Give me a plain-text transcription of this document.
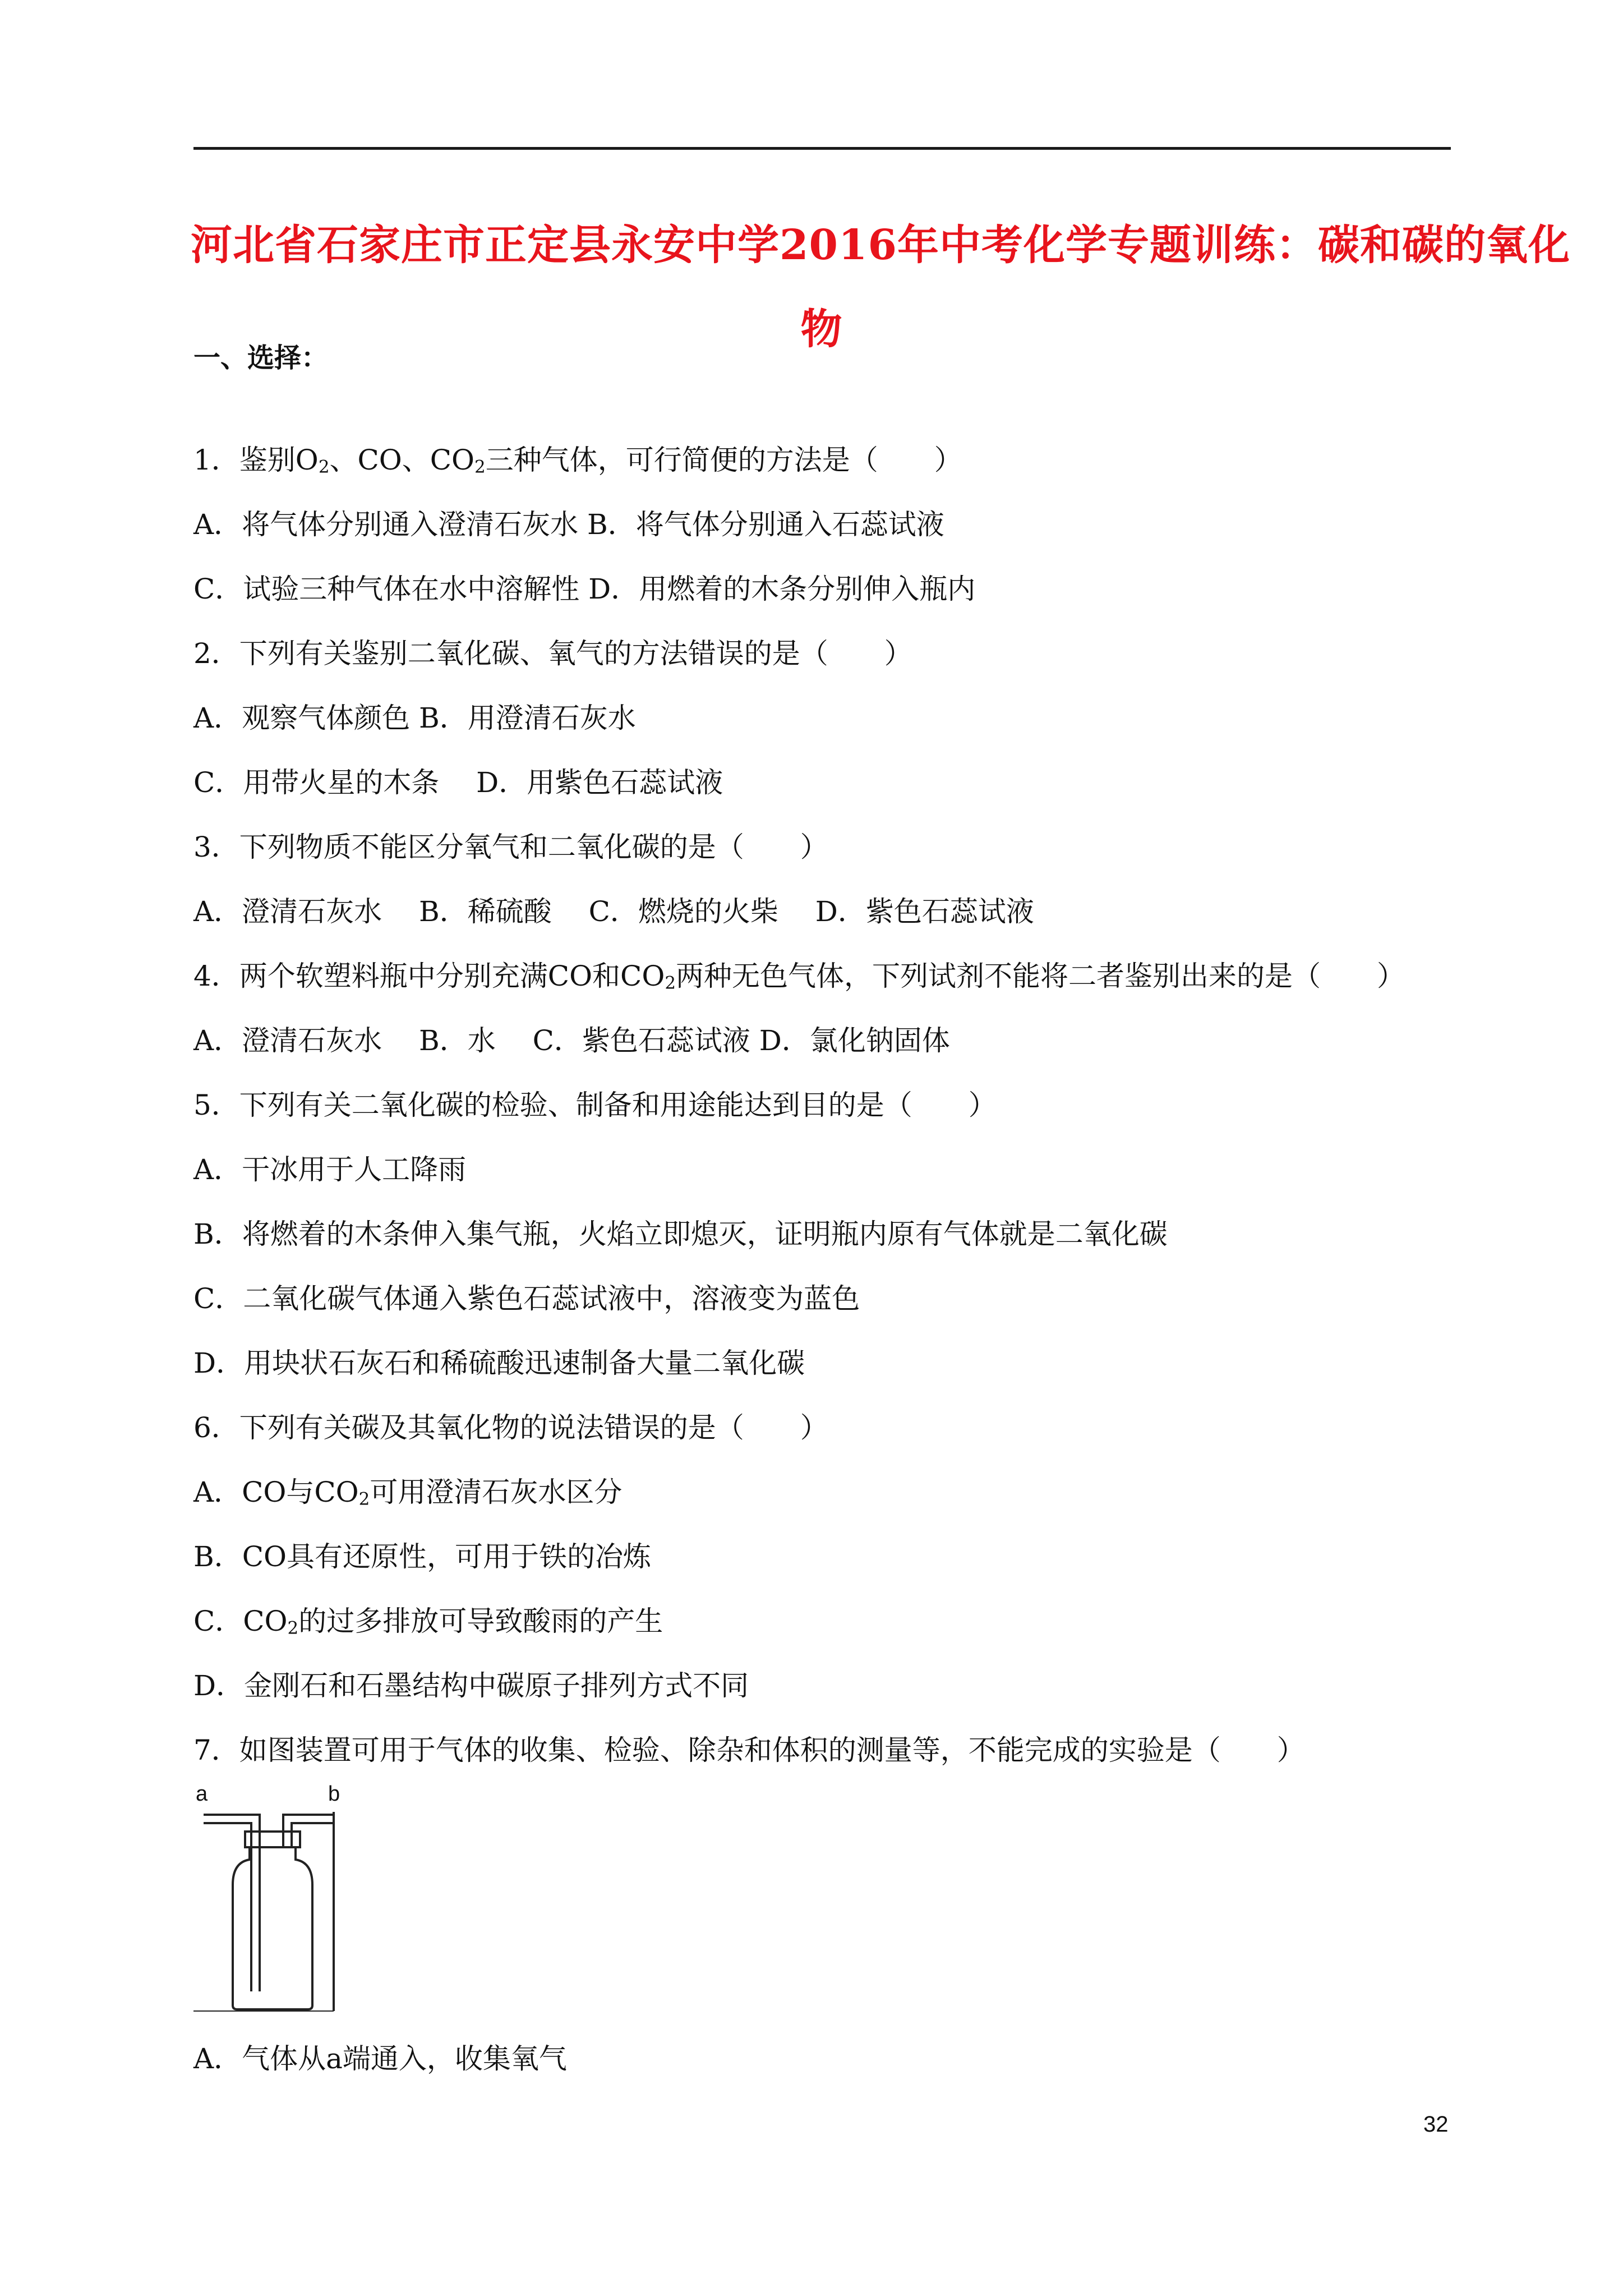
河北省石家庄市正定县永安中学2016年中考化学专题训练：碳和碳的氧化
物
一、选择：
1．鉴别$O_2$、CO、$CO_2$三种气体，可行简便的方法是（　　）
A．将气体分别通入澄清石灰水 B．将气体分别通入石蕊试液
C．试验三种气体在水中溶解性 D．用燃着的木条分别伸入瓶内
2．下列有关鉴别二氧化碳、氧气的方法错误的是（　　）
A．观察气体颜色 B．用澄清石灰水
C．用带火星的木条　 D．用紫色石蕊试液
3．下列物质不能区分氧气和二氧化碳的是（　　）
A．澄清石灰水　 B．稀硫酸　 C．燃烧的火柴　 D．紫色石蕊试液
4．两个软塑料瓶中分别充满CO和$CO_2$两种无色气体，下列试剂不能将二者鉴别出来的是（　　）
A．澄清石灰水　 B．水　 C．紫色石蕊试液 D．氯化钠固体
5．下列有关二氧化碳的检验、制备和用途能达到目的是（　　）
A．干冰用于人工降雨
B．将燃着的木条伸入集气瓶，火焰立即熄灭，证明瓶内原有气体就是二氧化碳
C．二氧化碳气体通入紫色石蕊试液中，溶液变为蓝色
D．用块状石灰石和稀硫酸迅速制备大量二氧化碳
6．下列有关碳及其氧化物的说法错误的是（　　）
A．CO与$CO_2$可用澄清石灰水区分
B．CO具有还原性，可用于铁的冶炼
C．$CO_2$的过多排放可导致酸雨的产生
D．金刚石和石墨结构中碳原子排列方式不同
7．如图装置可用于气体的收集、检验、除杂和体积的测量等，不能完成的实验是（　　）
a	b
A．气体从a端通入，收集氧气
32
